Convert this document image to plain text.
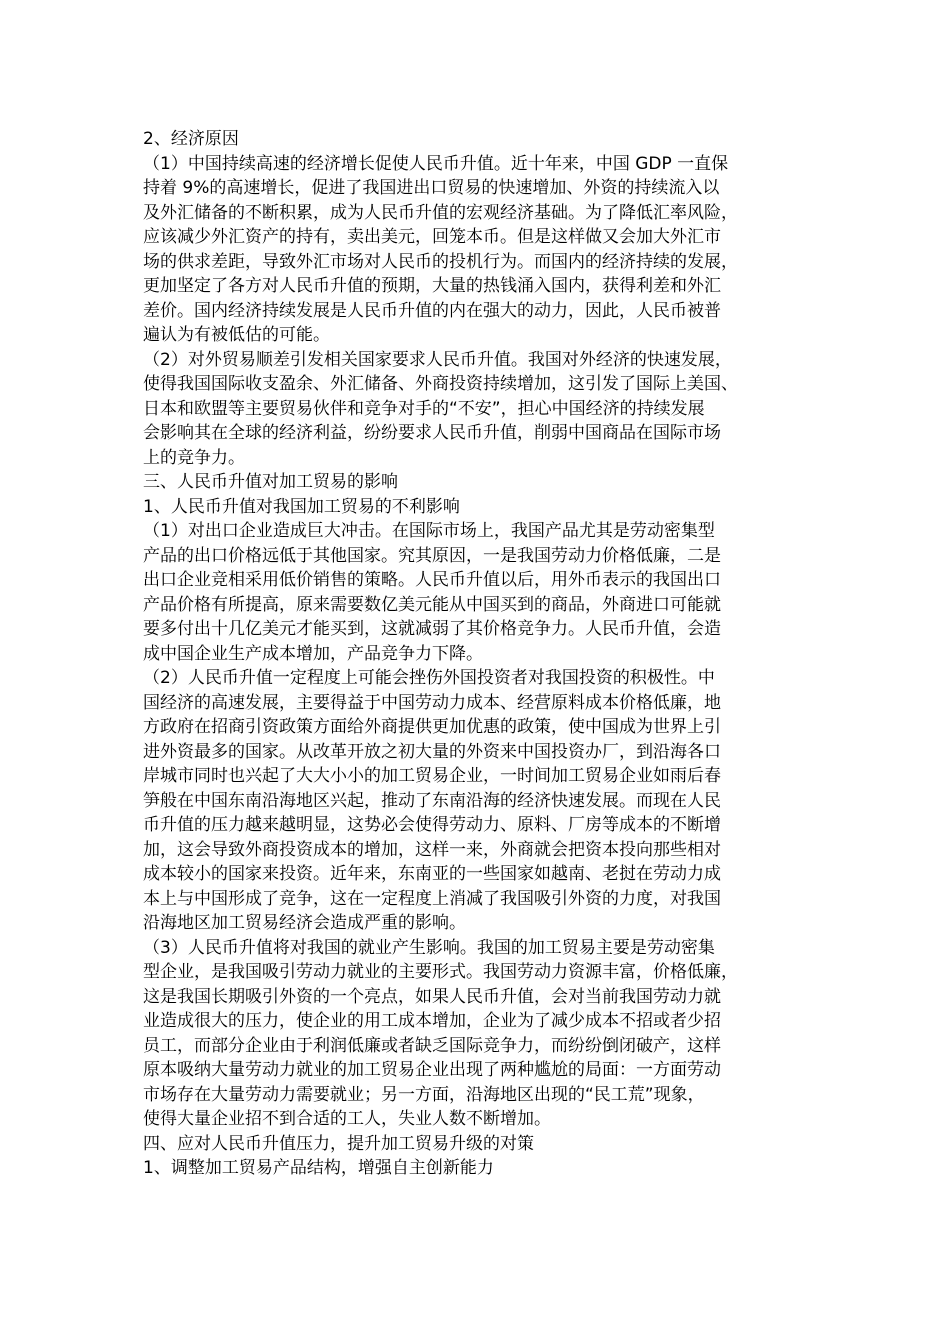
2、经济原因
（1）中国持续高速的经济增长促使人民币升值。近十年来，中国 GDP 一直保
持着 9%的高速增长，促进了我国进出口贸易的快速增加、外资的持续流入以
及外汇储备的不断积累，成为人民币升值的宏观经济基础。为了降低汇率风险，
应该减少外汇资产的持有，卖出美元，回笼本币。但是这样做又会加大外汇市
场的供求差距，导致外汇市场对人民币的投机行为。而国内的经济持续的发展，
更加坚定了各方对人民币升值的预期，大量的热钱涌入国内，获得利差和外汇
差价。国内经济持续发展是人民币升值的内在强大的动力，因此，人民币被普
遍认为有被低估的可能。
（2）对外贸易顺差引发相关国家要求人民币升值。我国对外经济的快速发展，
使得我国国际收支盈余、外汇储备、外商投资持续增加，这引发了国际上美国、
日本和欧盟等主要贸易伙伴和竞争对手的“不安”，担心中国经济的持续发展
会影响其在全球的经济利益，纷纷要求人民币升值，削弱中国商品在国际市场
上的竞争力。
三、人民币升值对加工贸易的影响
1、人民币升值对我国加工贸易的不利影响
（1）对出口企业造成巨大冲击。在国际市场上，我国产品尤其是劳动密集型
产品的出口价格远低于其他国家。究其原因，一是我国劳动力价格低廉，二是
出口企业竞相采用低价销售的策略。人民币升值以后，用外币表示的我国出口
产品价格有所提高，原来需要数亿美元能从中国买到的商品，外商进口可能就
要多付出十几亿美元才能买到，这就减弱了其价格竞争力。人民币升值，会造
成中国企业生产成本增加，产品竞争力下降。
（2）人民币升值一定程度上可能会挫伤外国投资者对我国投资的积极性。中
国经济的高速发展，主要得益于中国劳动力成本、经营原料成本价格低廉，地
方政府在招商引资政策方面给外商提供更加优惠的政策，使中国成为世界上引
进外资最多的国家。从改革开放之初大量的外资来中国投资办厂，到沿海各口
岸城市同时也兴起了大大小小的加工贸易企业，一时间加工贸易企业如雨后春
笋般在中国东南沿海地区兴起，推动了东南沿海的经济快速发展。而现在人民
币升值的压力越来越明显，这势必会使得劳动力、原料、厂房等成本的不断增
加，这会导致外商投资成本的增加，这样一来，外商就会把资本投向那些相对
成本较小的国家来投资。近年来，东南亚的一些国家如越南、老挝在劳动力成
本上与中国形成了竞争，这在一定程度上消减了我国吸引外资的力度，对我国
沿海地区加工贸易经济会造成严重的影响。
（3）人民币升值将对我国的就业产生影响。我国的加工贸易主要是劳动密集
型企业，是我国吸引劳动力就业的主要形式。我国劳动力资源丰富，价格低廉，
这是我国长期吸引外资的一个亮点，如果人民币升值，会对当前我国劳动力就
业造成很大的压力，使企业的用工成本增加，企业为了减少成本不招或者少招
员工，而部分企业由于利润低廉或者缺乏国际竞争力，而纷纷倒闭破产，这样
原本吸纳大量劳动力就业的加工贸易企业出现了两种尴尬的局面：一方面劳动
市场存在大量劳动力需要就业；另一方面，沿海地区出现的“民工荒”现象，
使得大量企业招不到合适的工人，失业人数不断增加。
四、应对人民币升值压力，提升加工贸易升级的对策
1、调整加工贸易产品结构，增强自主创新能力
